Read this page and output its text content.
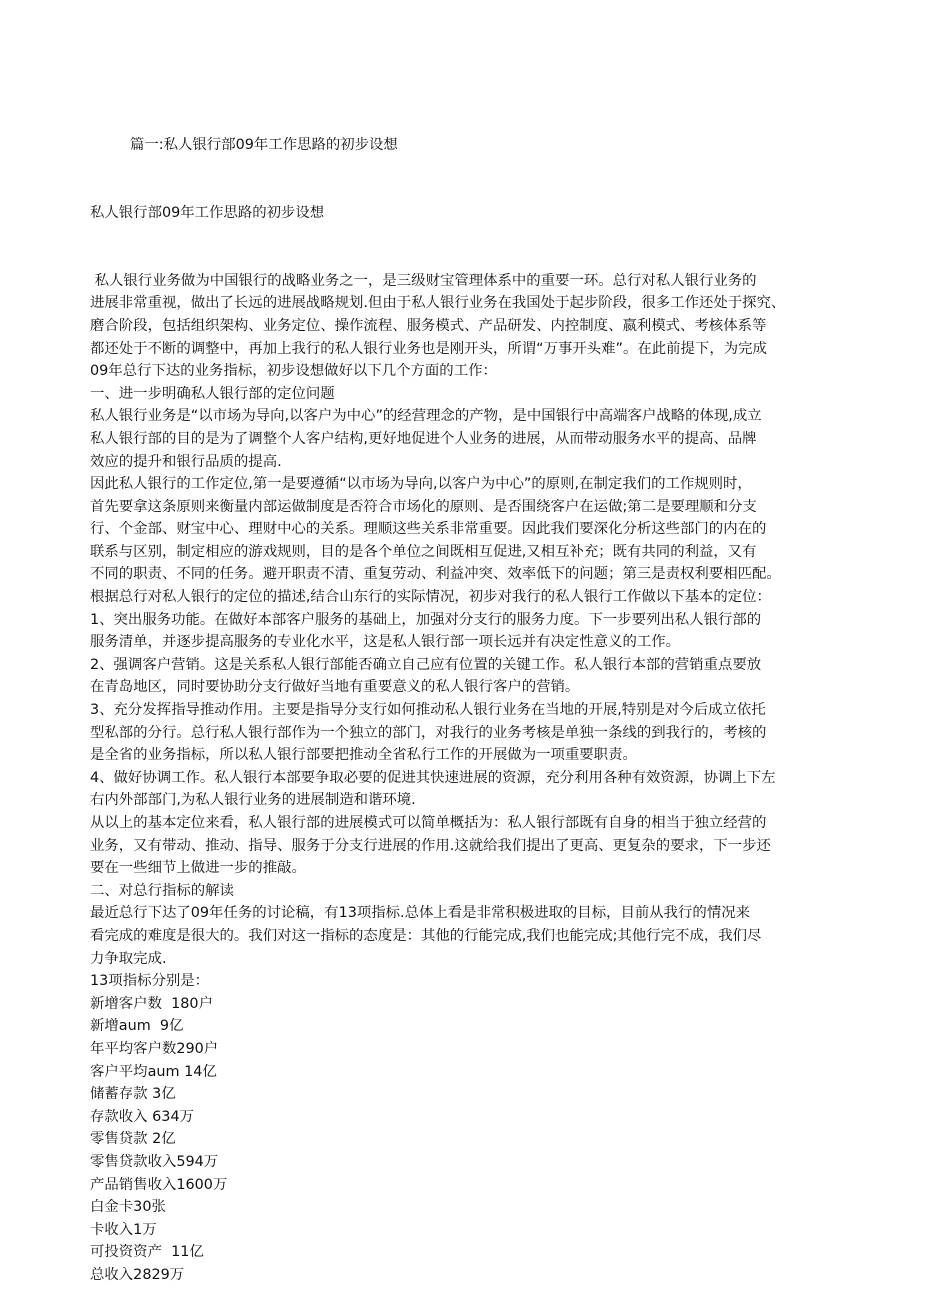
篇一:私人银行部09年工作思路的初步设想

私人银行部09年工作思路的初步设想

私人银行业务做为中国银行的战略业务之一，是三级财宝管理体系中的重要一环。总行对私人银行业务的
进展非常重视，做出了长远的进展战略规划.但由于私人银行业务在我国处于起步阶段，很多工作还处于探究、
磨合阶段，包括组织架构、业务定位、操作流程、服务模式、产品研发、内控制度、嬴利模式、考核体系等
都还处于不断的调整中，再加上我行的私人银行业务也是刚开头，所谓“万事开头难”。在此前提下，为完成
09年总行下达的业务指标，初步设想做好以下几个方面的工作：
一、进一步明确私人银行部的定位问题
私人银行业务是“以市场为导向,以客户为中心”的经营理念的产物，是中国银行中高端客户战略的体现,成立
私人银行部的目的是为了调整个人客户结构,更好地促进个人业务的进展，从而带动服务水平的提高、品牌
效应的提升和银行品质的提高.
因此私人银行的工作定位,第一是要遵循“以市场为导向,以客户为中心”的原则,在制定我们的工作规则时，
首先要拿这条原则来衡量内部运做制度是否符合市场化的原则、是否围绕客户在运做;第二是要理顺和分支
行、个金部、财宝中心、理财中心的关系。理顺这些关系非常重要。因此我们要深化分析这些部门的内在的
联系与区别，制定相应的游戏规则，目的是各个单位之间既相互促进,又相互补充；既有共同的利益，又有
不同的职责、不同的任务。避开职责不清、重复劳动、利益冲突、效率低下的问题；第三是责权利要相匹配。
根据总行对私人银行的定位的描述,结合山东行的实际情况，初步对我行的私人银行工作做以下基本的定位：
1、突出服务功能。在做好本部客户服务的基础上，加强对分支行的服务力度。下一步要列出私人银行部的
服务清单，并逐步提高服务的专业化水平，这是私人银行部一项长远并有决定性意义的工作。
2、强调客户营销。这是关系私人银行部能否确立自己应有位置的关键工作。私人银行本部的营销重点要放
在青岛地区，同时要协助分支行做好当地有重要意义的私人银行客户的营销。
3、充分发挥指导推动作用。主要是指导分支行如何推动私人银行业务在当地的开展,特别是对今后成立依托
型私部的分行。总行私人银行部作为一个独立的部门，对我行的业务考核是单独一条线的到我行的，考核的
是全省的业务指标，所以私人银行部要把推动全省私行工作的开展做为一项重要职责。
4、做好协调工作。私人银行本部要争取必要的促进其快速进展的资源，充分利用各种有效资源，协调上下左
右内外部部门,为私人银行业务的进展制造和谐环境.
从以上的基本定位来看，私人银行部的进展模式可以简单概括为：私人银行部既有自身的相当于独立经营的
业务，又有带动、推动、指导、服务于分支行进展的作用.这就给我们提出了更高、更复杂的要求，下一步还
要在一些细节上做进一步的推敲。
二、对总行指标的解读
最近总行下达了09年任务的讨论稿，有13项指标.总体上看是非常积极进取的目标，目前从我行的情况来
看完成的难度是很大的。我们对这一指标的态度是：其他的行能完成,我们也能完成;其他行完不成，我们尽
力争取完成.
13项指标分别是：
新增客户数  180户
新增aum  9亿
年平均客户数290户
客户平均aum 14亿
储蓄存款 3亿
存款收入 634万
零售贷款 2亿
零售贷款收入594万
产品销售收入1600万
白金卡30张
卡收入1万
可投资资产  11亿
总收入2829万
